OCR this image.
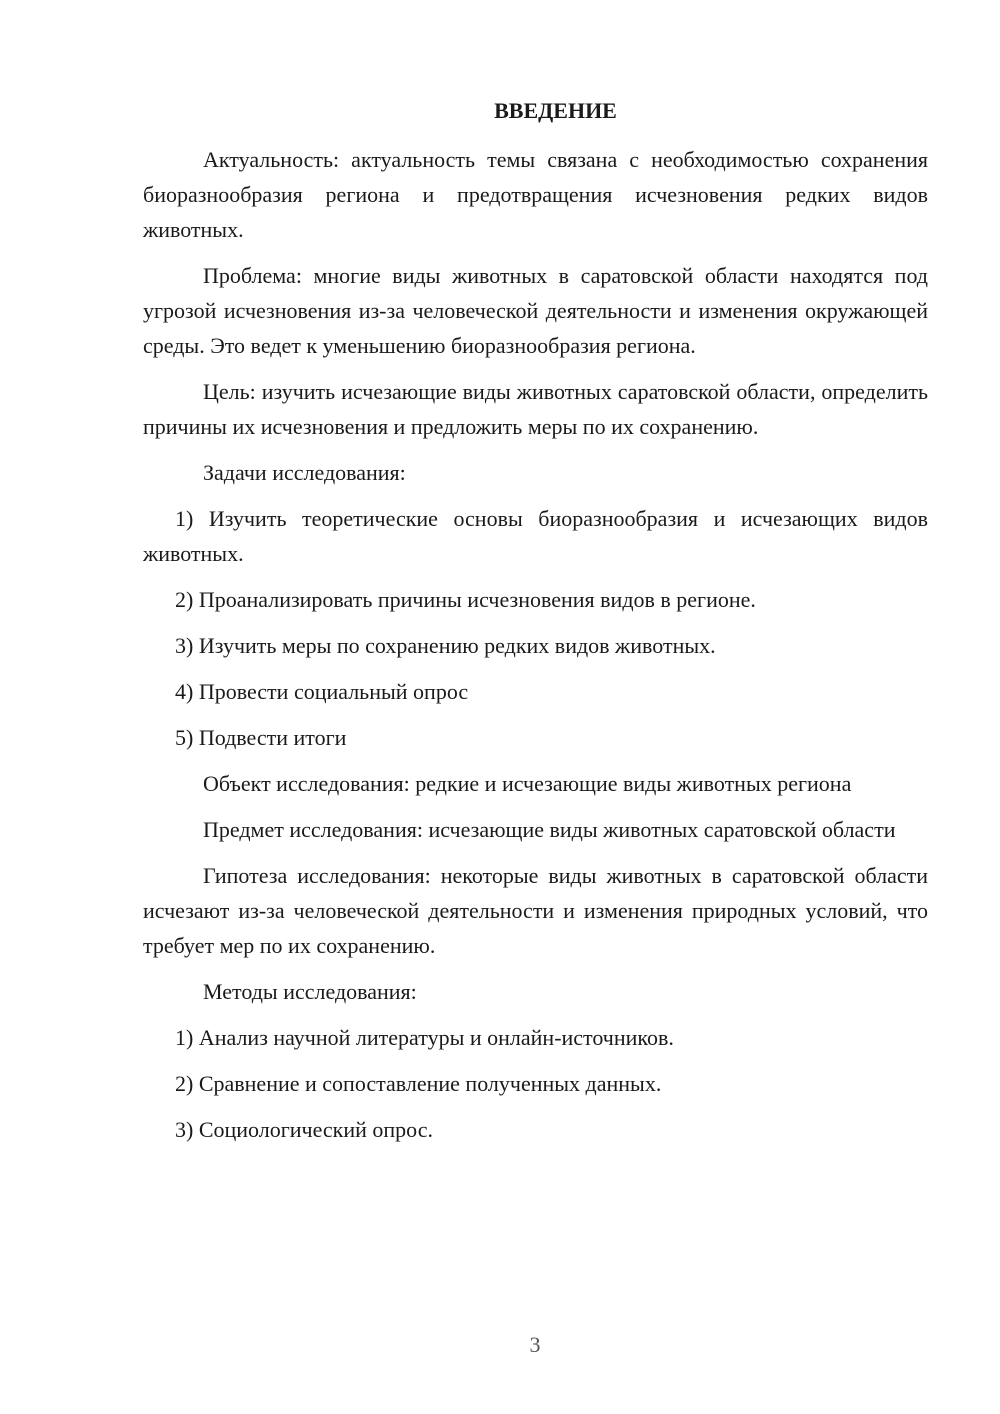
ВВЕДЕНИЕ

Актуальность: актуальность темы связана с необходимостью сохранения биоразнообразия региона и предотвращения исчезновения редких видов животных.

Проблема: многие виды животных в саратовской области находятся под угрозой исчезновения из-за человеческой деятельности и изменения окружающей среды. Это ведет к уменьшению биоразнообразия региона.

Цель: изучить исчезающие виды животных саратовской области, определить причины их исчезновения и предложить меры по их сохранению.

Задачи исследования:

1) Изучить теоретические основы биоразнообразия и исчезающих видов животных.

2) Проанализировать причины исчезновения видов в регионе.

3) Изучить меры по сохранению редких видов животных.

4) Провести социальный опрос

5) Подвести итоги

Объект исследования: редкие и исчезающие виды животных региона

Предмет исследования: исчезающие виды животных саратовской области

Гипотеза исследования: некоторые виды животных в саратовской области исчезают из-за человеческой деятельности и изменения природных условий, что требует мер по их сохранению.

Методы исследования:

1) Анализ научной литературы и онлайн-источников.

2) Сравнение и сопоставление полученных данных.

3) Социологический опрос.

3
